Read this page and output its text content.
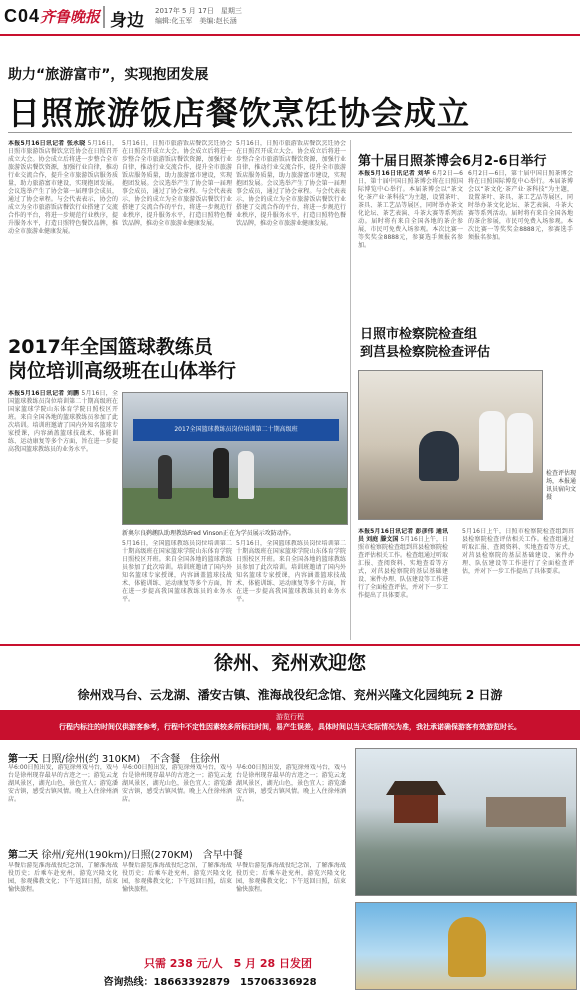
C04 齐鲁晚报 身边 2017年 5 月 17日　星期三
编辑:化玉军　美编:赵长涵
助力“旅游富市”，实现抱团发展
日照旅游饭店餐饮烹饪协会成立
本报5月16日讯记者 张永晓 5月16日，日照市旅游饭店餐饮烹饪协会在日照召开成立大会。协会成立后将进一步整合全市旅游饭店餐饮资源，加强行业自律，推动行业交流合作，提升全市旅游饭店服务质量，助力旅游富市建设，实现抱团发展。会议选举产生了协会第一届理事会成员，通过了协会章程。与会代表表示，协会的成立为全市旅游饭店餐饮行业搭建了交流合作的平台，将进一步规范行业秩序，提升服务水平，打造日照特色餐饮品牌，推动全市旅游业健康发展。
5月16日，日照市旅游饭店餐饮烹饪协会在日照召开成立大会。协会成立后将进一步整合全市旅游饭店餐饮资源，加强行业自律，推动行业交流合作，提升全市旅游饭店服务质量，助力旅游富市建设，实现抱团发展。会议选举产生了协会第一届理事会成员，通过了协会章程。与会代表表示，协会的成立为全市旅游饭店餐饮行业搭建了交流合作的平台，将进一步规范行业秩序，提升服务水平，打造日照特色餐饮品牌，推动全市旅游业健康发展。
5月16日，日照市旅游饭店餐饮烹饪协会在日照召开成立大会。协会成立后将进一步整合全市旅游饭店餐饮资源，加强行业自律，推动行业交流合作，提升全市旅游饭店服务质量，助力旅游富市建设，实现抱团发展。会议选举产生了协会第一届理事会成员，通过了协会章程。与会代表表示，协会的成立为全市旅游饭店餐饮行业搭建了交流合作的平台，将进一步规范行业秩序，提升服务水平，打造日照特色餐饮品牌，推动全市旅游业健康发展。
第十届日照茶博会6月2-6日举行
本报5月16日讯记者 刘华 6月2日—6日，第十届中国日照茶博会将在日照国际博览中心举行。本届茶博会以“茶文化·茶产业·茶科技”为主题，设置茶叶、茶具、茶工艺品等展区，同时举办茶文化论坛、茶艺表演、斗茶大赛等系列活动。届时将有来自全国各地的茶企参展，市民可免费入场参观。本次比赛一等奖奖金8888元，参赛选手须报名参加。
6月2日—6日，第十届中国日照茶博会将在日照国际博览中心举行。本届茶博会以“茶文化·茶产业·茶科技”为主题，设置茶叶、茶具、茶工艺品等展区，同时举办茶文化论坛、茶艺表演、斗茶大赛等系列活动。届时将有来自全国各地的茶企参展，市民可免费入场参观。本次比赛一等奖奖金8888元，参赛选手须报名参加。
日照市检察院检查组
到莒县检察院检查评估
检查评估现场，本报通讯员宿向文摄
本报5月16日讯记者 彭彦伟 通讯员 刘庭 滕文国 5月16日上午，日照市检察院检查组到莒县检察院检查评估相关工作。检查组通过听取汇报、查阅资料、实地查看等方式，对莒县检察院的基层基础建设、案件办理、队伍建设等工作进行了全面检查评估，并对下一步工作提出了具体要求。
5月16日上午，日照市检察院检查组到莒县检察院检查评估相关工作。检查组通过听取汇报、查阅资料、实地查看等方式，对莒县检察院的基层基础建设、案件办理、队伍建设等工作进行了全面检查评估，并对下一步工作提出了具体要求。
2017年全国篮球教练员
岗位培训高级班在山体举行
本报5月16日讯记者 刘鹏 5月16日，全国篮球教练员岗位培训第二十期高级班在国家篮球学院山东体育学院日照校区开班。来自全国各地的篮球教练员参加了此次培训。培训班邀请了国内外知名篮球专家授课，内容涵盖篮球技战术、体能训练、运动康复等多个方面，旨在进一步提高我国篮球教练员的业务水平。
2017全国篮球教练员岗位培训第二十期高级班
新奥尔良鹈鹕队助理教练Fred Vinson正在为学员展示攻防动作。
5月16日，全国篮球教练员岗位培训第二十期高级班在国家篮球学院山东体育学院日照校区开班。来自全国各地的篮球教练员参加了此次培训。培训班邀请了国内外知名篮球专家授课，内容涵盖篮球技战术、体能训练、运动康复等多个方面，旨在进一步提高我国篮球教练员的业务水平。
5月16日，全国篮球教练员岗位培训第二十期高级班在国家篮球学院山东体育学院日照校区开班。来自全国各地的篮球教练员参加了此次培训。培训班邀请了国内外知名篮球专家授课，内容涵盖篮球技战术、体能训练、运动康复等多个方面，旨在进一步提高我国篮球教练员的业务水平。
徐州、兖州欢迎您
徐州戏马台、云龙湖、潘安古镇、淮海战役纪念馆、兖州兴隆文化园纯玩 2 日游
游览行程
行程内标注的时间仅供游客参考，行程中不定性因素较多所标注时间，易产生误差，具体时间以当天实际情况为准，我社承诺确保游客有效游览时长。
第一天 日照/徐州(约 310KM)　不含餐　住徐州
早6:00日照出发，游览徐州戏马台，戏马台是徐州现存最早的古迹之一；游览云龙湖风景区，湖光山色，景色宜人；游览潘安古镇，感受古镇风情。晚上入住徐州酒店。
早6:00日照出发，游览徐州戏马台，戏马台是徐州现存最早的古迹之一；游览云龙湖风景区，湖光山色，景色宜人；游览潘安古镇，感受古镇风情。晚上入住徐州酒店。
早6:00日照出发，游览徐州戏马台，戏马台是徐州现存最早的古迹之一；游览云龙湖风景区，湖光山色，景色宜人；游览潘安古镇，感受古镇风情。晚上入住徐州酒店。
第二天 徐州/兖州(190km)/日照(270KM)　含早中餐
早餐后游览淮海战役纪念馆，了解淮海战役历史；后乘车赴兖州，游览兴隆文化园，参观佛教文化；下午返回日照，结束愉快旅程。
早餐后游览淮海战役纪念馆，了解淮海战役历史；后乘车赴兖州，游览兴隆文化园，参观佛教文化；下午返回日照，结束愉快旅程。
早餐后游览淮海战役纪念馆，了解淮海战役历史；后乘车赴兖州，游览兴隆文化园，参观佛教文化；下午返回日照，结束愉快旅程。
只需 238 元/人　5 月 28 日发团
咨询热线：18663392879　15706336928
